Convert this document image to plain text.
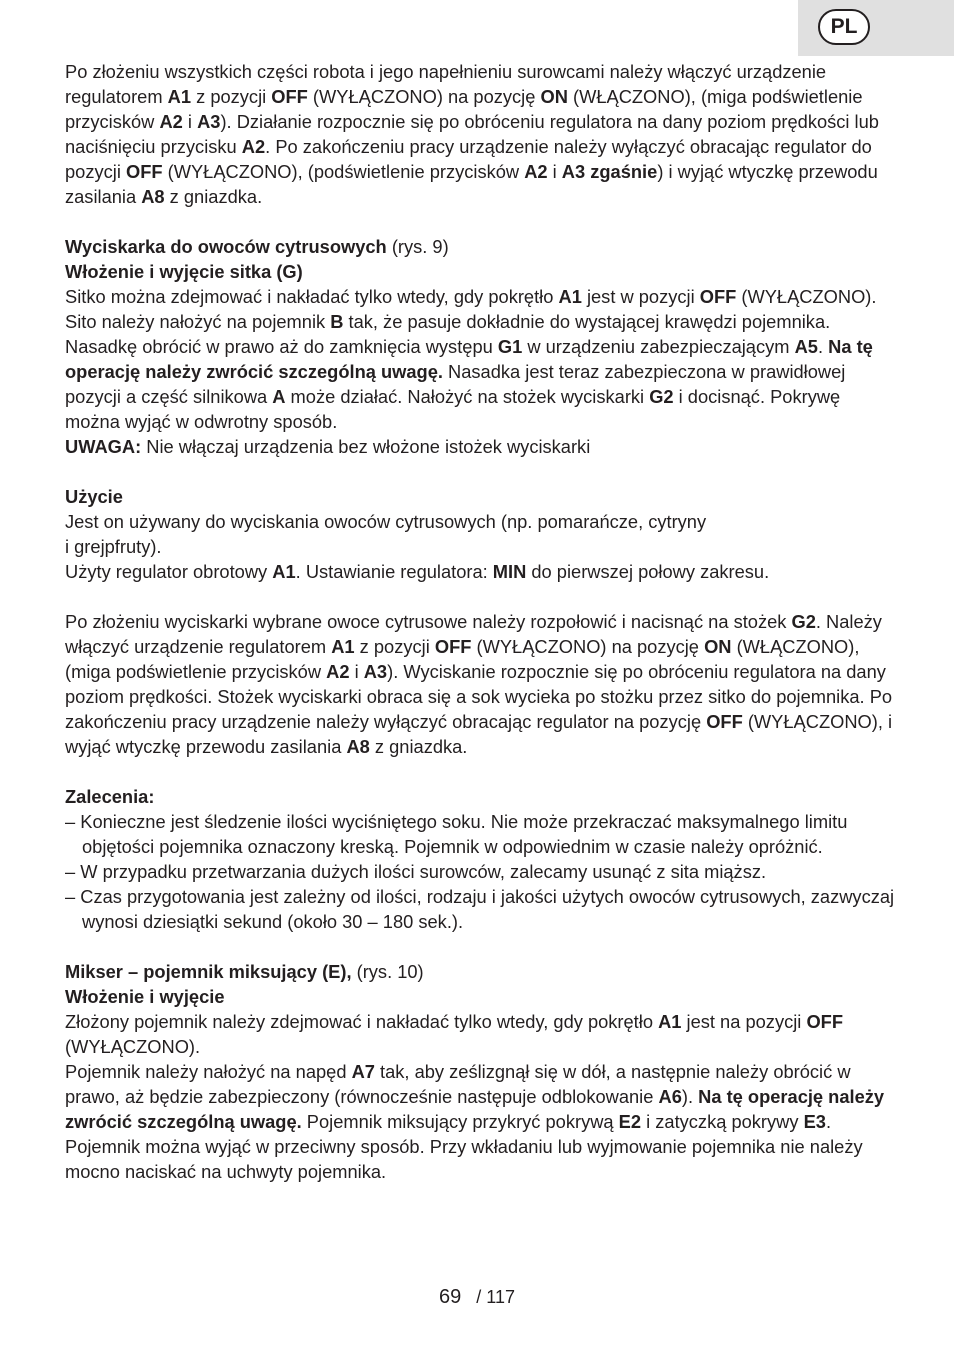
PL

Po złożeniu wszystkich części robota i jego napełnieniu surowcami należy włączyć urządzenie regulatorem A1 z pozycji OFF (WYŁĄCZONO) na pozycję ON (WŁĄCZONO), (miga podświetlenie przycisków A2 i A3). Działanie rozpocznie się po obróceniu regulatora na dany poziom prędkości lub naciśnięciu przycisku A2. Po zakończeniu pracy urządzenie należy wyłączyć obracając regulator do pozycji OFF (WYŁĄCZONO), (podświetlenie przycisków A2 i A3 zgaśnie) i wyjąć wtyczkę przewodu zasilania A8 z gniazdka.

Wyciskarka do owoców cytrusowych (rys. 9)

Włożenie i wyjęcie sitka (G)

Sitko można zdejmować i nakładać tylko wtedy, gdy pokrętło A1 jest w pozycji OFF (WYŁĄCZONO). Sito należy nałożyć na pojemnik B tak, że pasuje dokładnie do wystającej krawędzi pojemnika. Nasadkę obrócić w prawo aż do zamknięcia występu G1 w urządzeniu zabezpieczającym A5. Na tę operację należy zwrócić szczególną uwagę. Nasadka jest teraz zabezpieczona w prawidłowej pozycji a część silnikowa A może działać. Nałożyć na stożek wyciskarki G2 i docisnąć. Pokrywę można wyjąć w odwrotny sposób.

UWAGA: Nie włączaj urządzenia bez włożone istożek wyciskarki

Użycie

Jest on używany do wyciskania owoców cytrusowych (np. pomarańcze, cytryny

i grejpfruty).

Użyty regulator obrotowy A1. Ustawianie regulatora: MIN do pierwszej połowy zakresu.

Po złożeniu wyciskarki wybrane owoce cytrusowe należy rozpołowić i nacisnąć na stożek G2. Należy włączyć urządzenie regulatorem A1 z pozycji OFF (WYŁĄCZONO) na pozycję ON (WŁĄCZONO), (miga podświetlenie przycisków A2 i A3). Wyciskanie rozpocznie się po obróceniu regulatora na dany poziom prędkości. Stożek wyciskarki obraca się a sok wycieka po stożku przez sitko do pojemnika. Po zakończeniu pracy urządzenie należy wyłączyć obracając regulator na pozycję OFF (WYŁĄCZONO), i wyjąć wtyczkę przewodu zasilania A8 z gniazdka.

Zalecenia:

– Konieczne jest śledzenie ilości wyciśniętego soku. Nie może przekraczać maksymalnego limitu objętości pojemnika oznaczony kreską. Pojemnik w odpowiednim w czasie należy opróżnić.

– W przypadku przetwarzania dużych ilości surowców, zalecamy usunąć z sita miąższ.

– Czas przygotowania jest zależny od ilości, rodzaju i jakości użytych owoców cytrusowych, zazwyczaj wynosi dziesiątki sekund (około 30 – 180 sek.).

Mikser – pojemnik miksujący (E), (rys. 10)

Włożenie i wyjęcie

Złożony pojemnik należy zdejmować i nakładać tylko wtedy, gdy pokrętło A1 jest na pozycji OFF (WYŁĄCZONO).

Pojemnik należy nałożyć na napęd A7 tak, aby ześlizgnął się w dół, a następnie należy obrócić w prawo, aż będzie zabezpieczony (równocześnie następuje odblokowanie A6). Na tę operację należy zwrócić szczególną uwagę. Pojemnik miksujący przykryć pokrywą E2 i zatyczką pokrywy E3. Pojemnik można wyjąć w przeciwny sposób. Przy wkładaniu lub wyjmowanie pojemnika nie należy mocno naciskać na uchwyty pojemnika.

69 / 117
